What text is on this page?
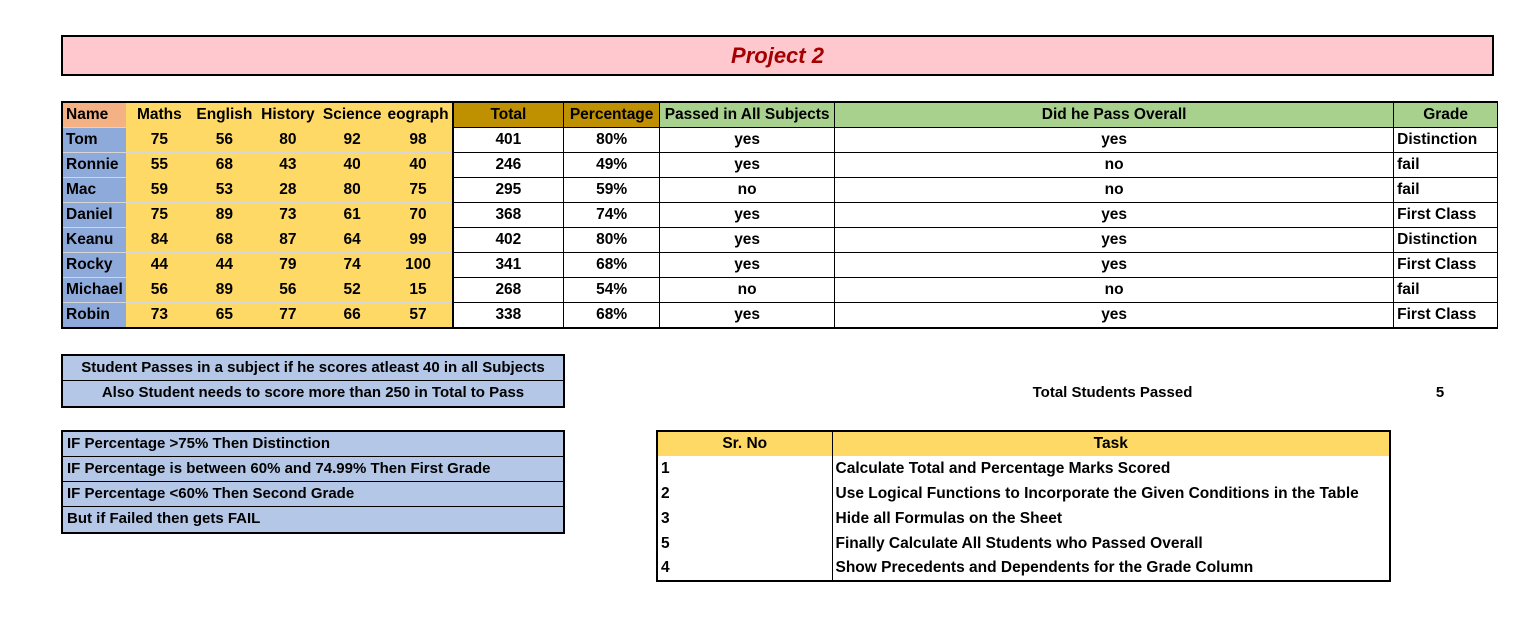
Project 2
Name	Maths	English	History	Science	eograph	Total	Percentage	Passed in All Subjects	Did he Pass Overall	Grade
Tom	75	56	80	92	98	401	80%	yes	yes	Distinction
Ronnie	55	68	43	40	40	246	49%	yes	no	fail
Mac	59	53	28	80	75	295	59%	no	no	fail
Daniel	75	89	73	61	70	368	74%	yes	yes	First Class
Keanu	84	68	87	64	99	402	80%	yes	yes	Distinction
Rocky	44	44	79	74	100	341	68%	yes	yes	First Class
Michael	56	89	56	52	15	268	54%	no	no	fail
Robin	73	65	77	66	57	338	68%	yes	yes	First Class
Student Passes in a subject if he scores atleast 40 in all Subjects
Also Student needs to score more than 250 in Total to Pass
IF Percentage >75% Then Distinction
IF Percentage is between 60% and 74.99% Then First Grade
IF Percentage <60% Then Second Grade
But if Failed then gets FAIL
Total Students Passed	5
Sr. No	Task
1	Calculate Total and Percentage Marks Scored
2	Use Logical Functions to Incorporate the Given Conditions in the Table
3	Hide all Formulas on the Sheet
5	Finally Calculate All Students who Passed Overall
4	Show Precedents and Dependents for the Grade Column
